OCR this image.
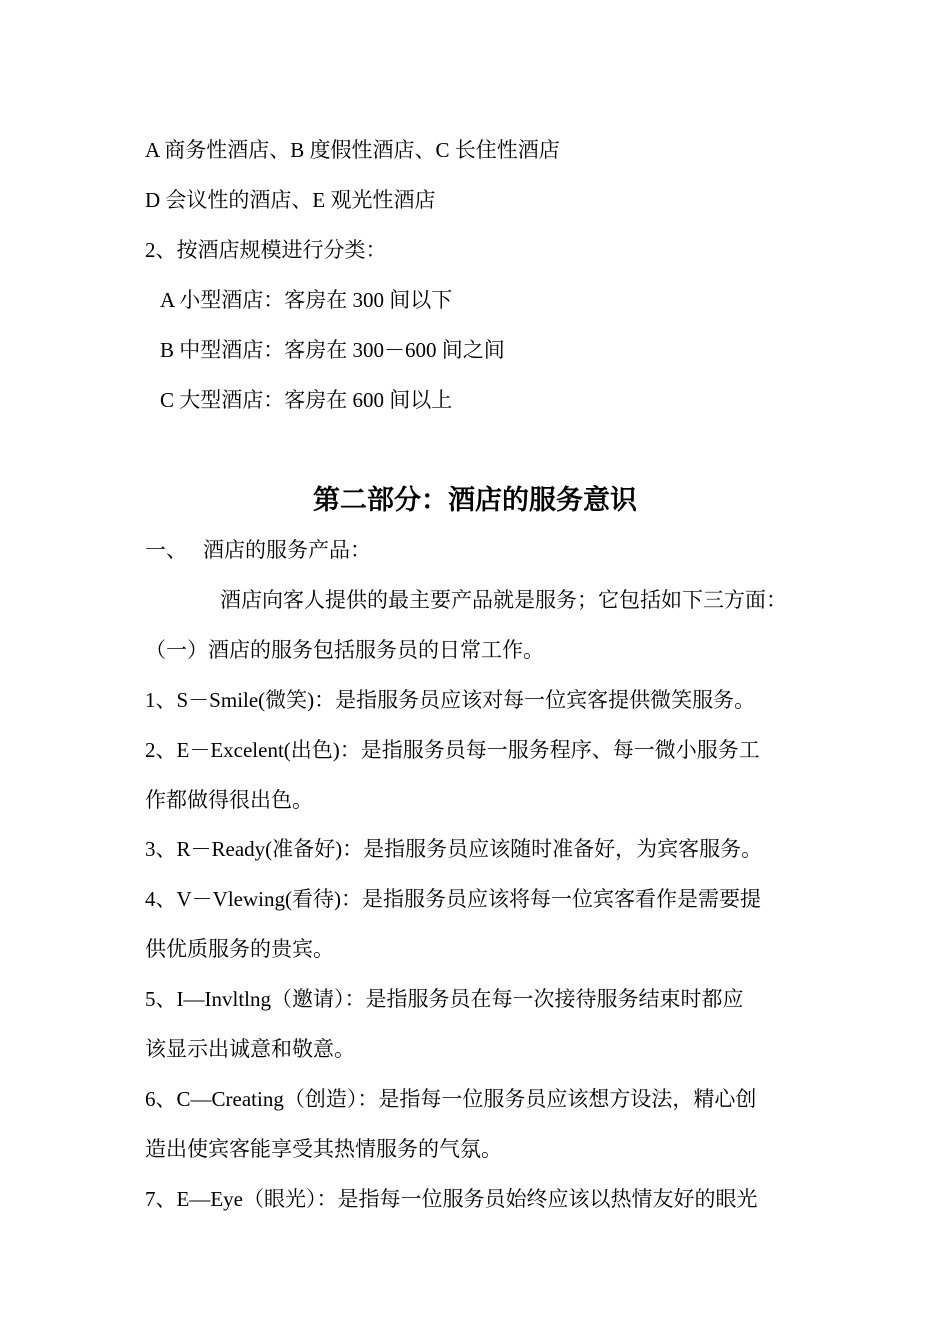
A 商务性酒店、B 度假性酒店、C 长住性酒店
D 会议性的酒店、E 观光性酒店
2、按酒店规模进行分类：
A 小型酒店：客房在 300 间以下
B 中型酒店：客房在 300－600 间之间
C 大型酒店：客房在 600 间以上
第二部分：酒店的服务意识
一、 酒店的服务产品：
酒店向客人提供的最主要产品就是服务；它包括如下三方面：
（一）酒店的服务包括服务员的日常工作。
1、S－Smile(微笑)：是指服务员应该对每一位宾客提供微笑服务。
2、E－Excelent(出色)：是指服务员每一服务程序、每一微小服务工
作都做得很出色。
3、R－Ready(准备好)：是指服务员应该随时准备好，为宾客服务。
4、V－Vlewing(看待)：是指服务员应该将每一位宾客看作是需要提
供优质服务的贵宾。
5、I—Invltlng（邀请）：是指服务员在每一次接待服务结束时都应
该显示出诚意和敬意。
6、C—Creating（创造）：是指每一位服务员应该想方设法，精心创
造出使宾客能享受其热情服务的气氛。
7、E—Eye（眼光）：是指每一位服务员始终应该以热情友好的眼光
